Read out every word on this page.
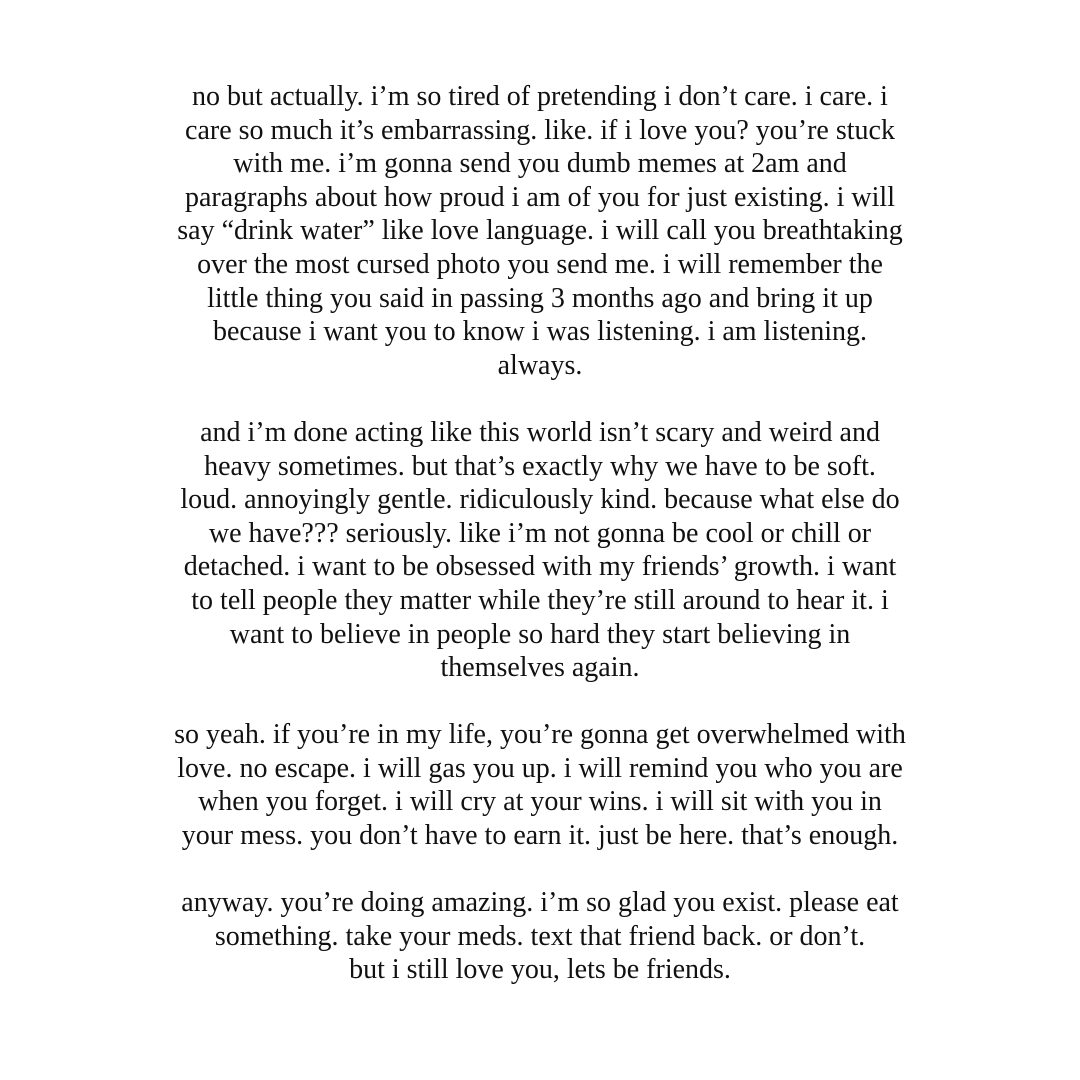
no but actually. i’m so tired of pretending i don’t care. i care. i
care so much it’s embarrassing. like. if i love you? you’re stuck
with me. i’m gonna send you dumb memes at 2am and
paragraphs about how proud i am of you for just existing. i will
say “drink water” like love language. i will call you breathtaking
over the most cursed photo you send me. i will remember the
little thing you said in passing 3 months ago and bring it up
because i want you to know i was listening. i am listening.
always.

and i’m done acting like this world isn’t scary and weird and
heavy sometimes. but that’s exactly why we have to be soft.
loud. annoyingly gentle. ridiculously kind. because what else do
we have??? seriously. like i’m not gonna be cool or chill or
detached. i want to be obsessed with my friends’ growth. i want
to tell people they matter while they’re still around to hear it. i
want to believe in people so hard they start believing in
themselves again.

so yeah. if you’re in my life, you’re gonna get overwhelmed with
love. no escape. i will gas you up. i will remind you who you are
when you forget. i will cry at your wins. i will sit with you in
your mess. you don’t have to earn it. just be here. that’s enough.

anyway. you’re doing amazing. i’m so glad you exist. please eat
something. take your meds. text that friend back. or don’t.
but i still love you, lets be friends.
